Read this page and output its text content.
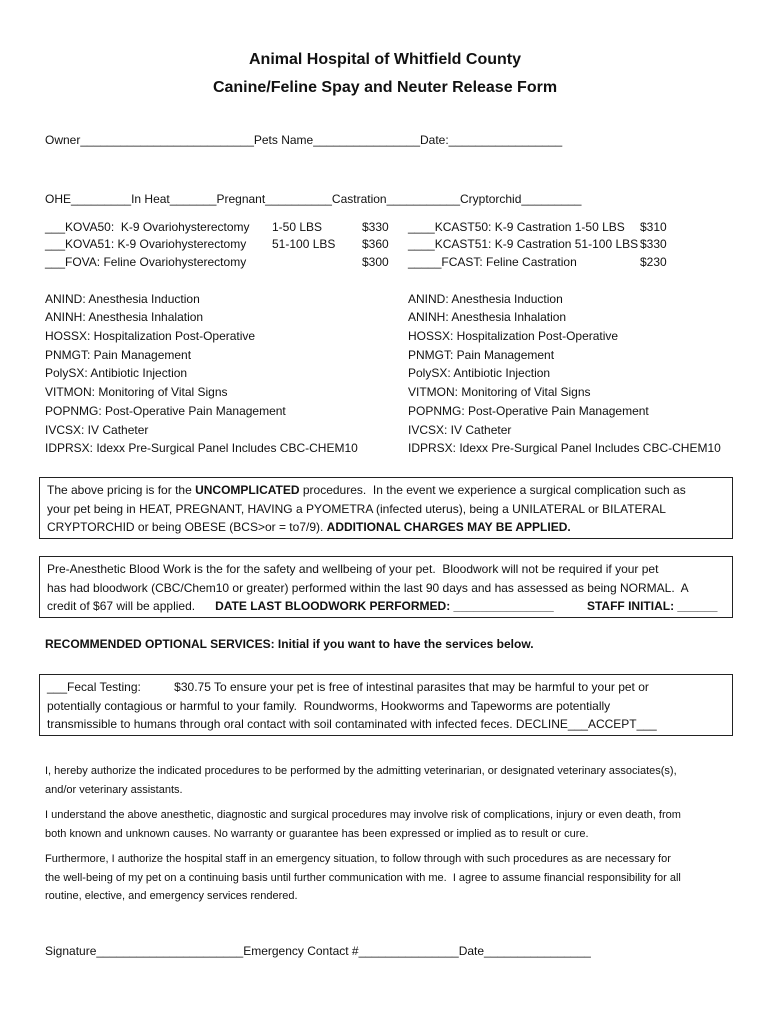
Animal Hospital of Whitfield County
Canine/Feline Spay and Neuter Release Form
Owner__________________________Pets Name________________Date:_________________
OHE_________In Heat_______Pregnant__________Castration___________Cryptorchid_________
___KOVA50:  K-9 Ovariohysterectomy 1-50 LBS	$330
___KOVA51: K-9 Ovariohysterectomy 51-100 LBS $360
___FOVA: Feline Ovariohysterectomy	$300
____KCAST50: K-9 Castration 1-50 LBS $310
____KCAST51: K-9 Castration 51-100 LBS $330
_____FCAST: Feline Castration	$230
ANIND: Anesthesia Induction
ANINH: Anesthesia Inhalation
HOSSX: Hospitalization Post-Operative
PNMGT: Pain Management
PolySX: Antibiotic Injection
VITMON: Monitoring of Vital Signs
POPNMG: Post-Operative Pain Management
IVCSX: IV Catheter
IDPRSX: Idexx Pre-Surgical Panel Includes CBC-CHEM10
ANIND: Anesthesia Induction
ANINH: Anesthesia Inhalation
HOSSX: Hospitalization Post-Operative
PNMGT: Pain Management
PolySX: Antibiotic Injection
VITMON: Monitoring of Vital Signs
POPNMG: Post-Operative Pain Management
IVCSX: IV Catheter
IDPRSX: Idexx Pre-Surgical Panel Includes CBC-CHEM10

The above pricing is for the UNCOMPLICATED procedures.  In the event we experience a surgical complication such as

your pet being in HEAT, PREGNANT, HAVING a PYOMETRA (infected uterus), being a UNILATERAL or BILATERAL

CRYPTORCHID or being OBESE (BCS>or = to7/9). ADDITIONAL CHARGES MAY BE APPLIED.

Pre-Anesthetic Blood Work is the for the safety and wellbeing of your pet.  Bloodwork will not be required if your pet

has had bloodwork (CBC/Chem10 or greater) performed within the last 90 days and has assessed as being NORMAL.  A

credit of $67 will be applied.      DATE LAST BLOODWORK PERFORMED: _______________          STAFF INITIAL: ______

RECOMMENDED OPTIONAL SERVICES: Initial if you want to have the services below.

___Fecal Testing:          $30.75 To ensure your pet is free of intestinal parasites that may be harmful to your pet or

potentially contagious or harmful to your family.  Roundworms, Hookworms and Tapeworms are potentially

transmissible to humans through oral contact with soil contaminated with infected feces. DECLINE___ACCEPT___

I, hereby authorize the indicated procedures to be performed by the admitting veterinarian, or designated veterinary associates(s),

and/or veterinary assistants.

I understand the above anesthetic, diagnostic and surgical procedures may involve risk of complications, injury or even death, from

both known and unknown causes. No warranty or guarantee has been expressed or implied as to result or cure.

Furthermore, I authorize the hospital staff in an emergency situation, to follow through with such procedures as are necessary for

the well-being of my pet on a continuing basis until further communication with me.  I agree to assume financial responsibility for all

routine, elective, and emergency services rendered.

Signature______________________Emergency Contact #_______________Date________________
